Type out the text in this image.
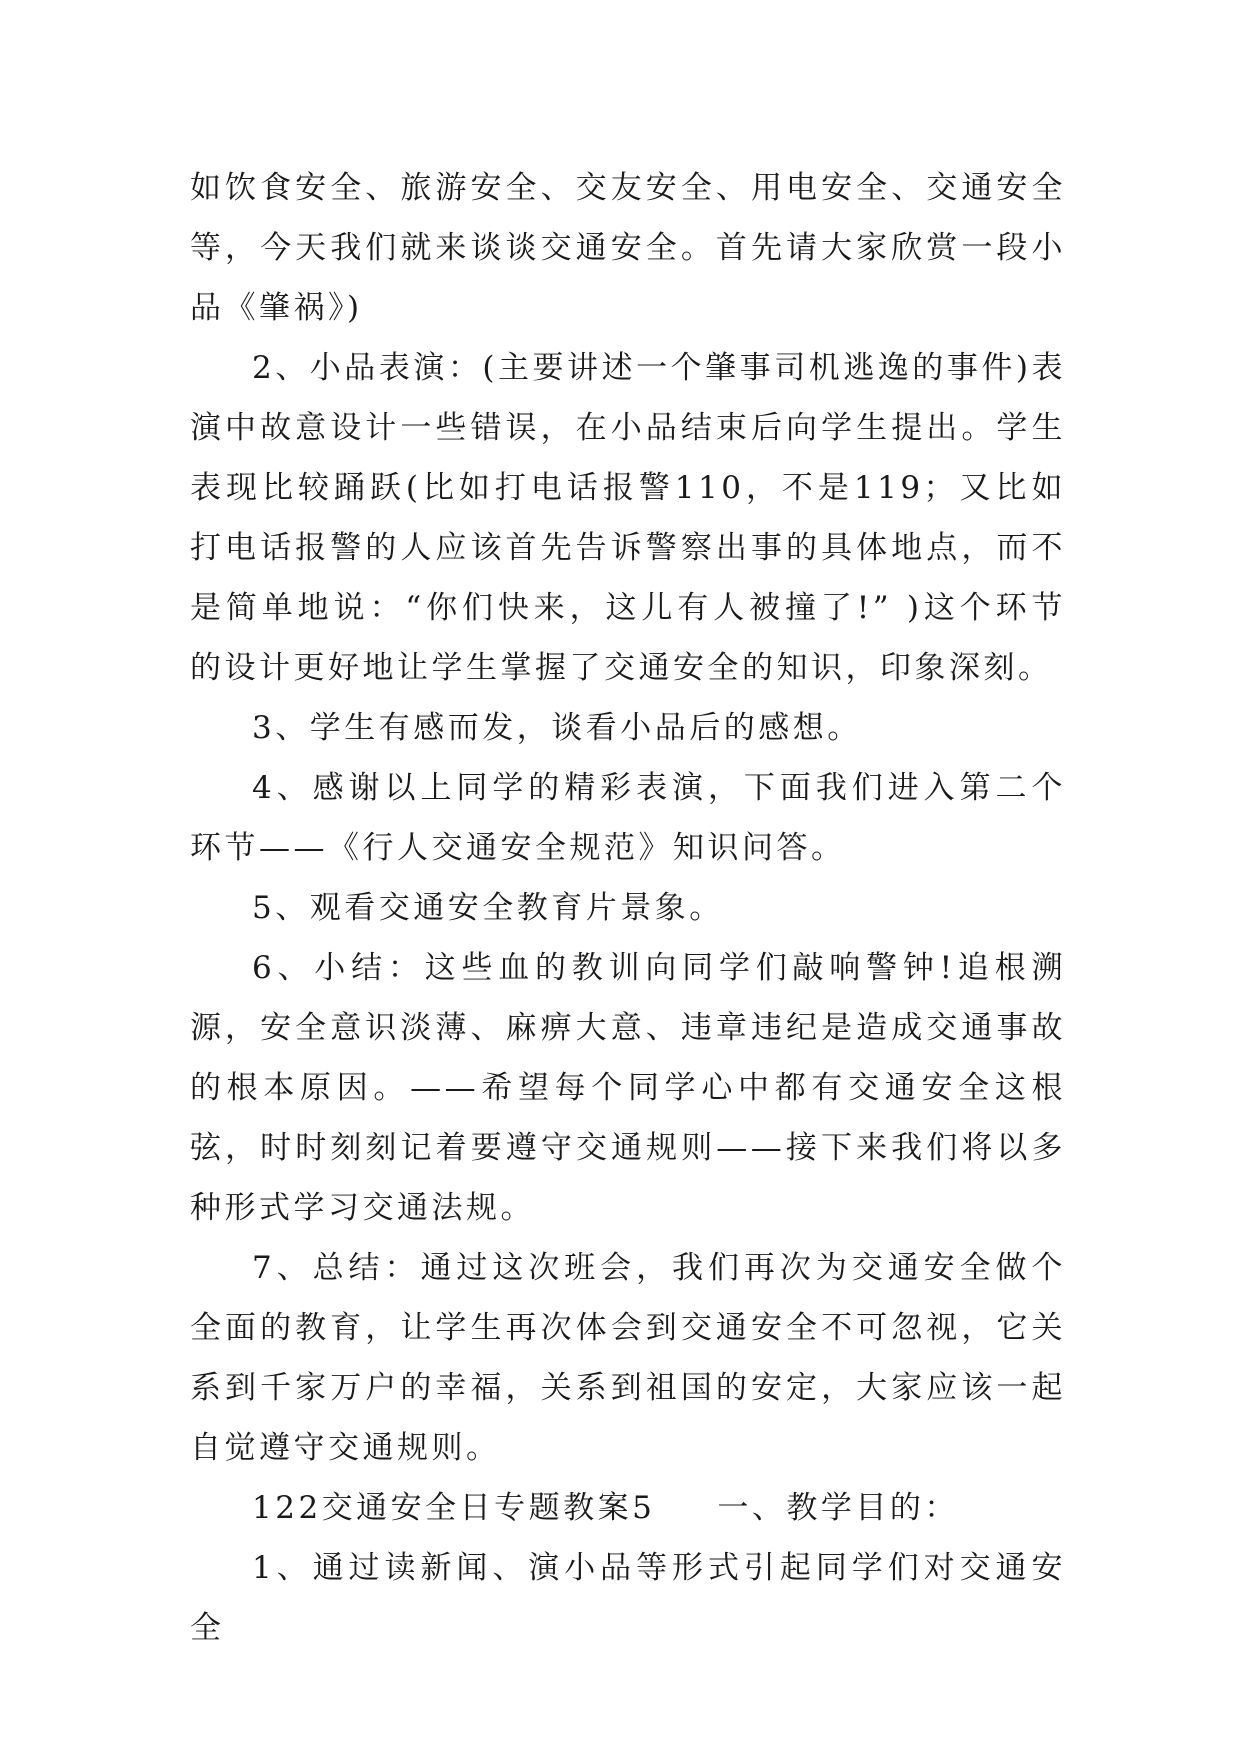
如饮食安全、旅游安全、交友安全、用电安全、交通安全等，今天我们就来谈谈交通安全。首先请大家欣赏一段小品《肇祸》)

2、小品表演：(主要讲述一个肇事司机逃逸的事件)表演中故意设计一些错误，在小品结束后向学生提出。学生表现比较踊跃(比如打电话报警110，不是119；又比如打电话报警的人应该首先告诉警察出事的具体地点，而不是简单地说：“你们快来，这儿有人被撞了!” )这个环节的设计更好地让学生掌握了交通安全的知识，印象深刻。

3、学生有感而发，谈看小品后的感想。

4、感谢以上同学的精彩表演，下面我们进入第二个环节——《行人交通安全规范》知识问答。

5、观看交通安全教育片景象。

6、小结：这些血的教训向同学们敲响警钟!追根溯源，安全意识淡薄、麻痹大意、违章违纪是造成交通事故的根本原因。——希望每个同学心中都有交通安全这根弦，时时刻刻记着要遵守交通规则——接下来我们将以多种形式学习交通法规。

7、总结：通过这次班会，我们再次为交通安全做个全面的教育，让学生再次体会到交通安全不可忽视，它关系到千家万户的幸福，关系到祖国的安定，大家应该一起自觉遵守交通规则。

122交通安全日专题教案5 一、教学目的：

1、通过读新闻、演小品等形式引起同学们对交通安全
